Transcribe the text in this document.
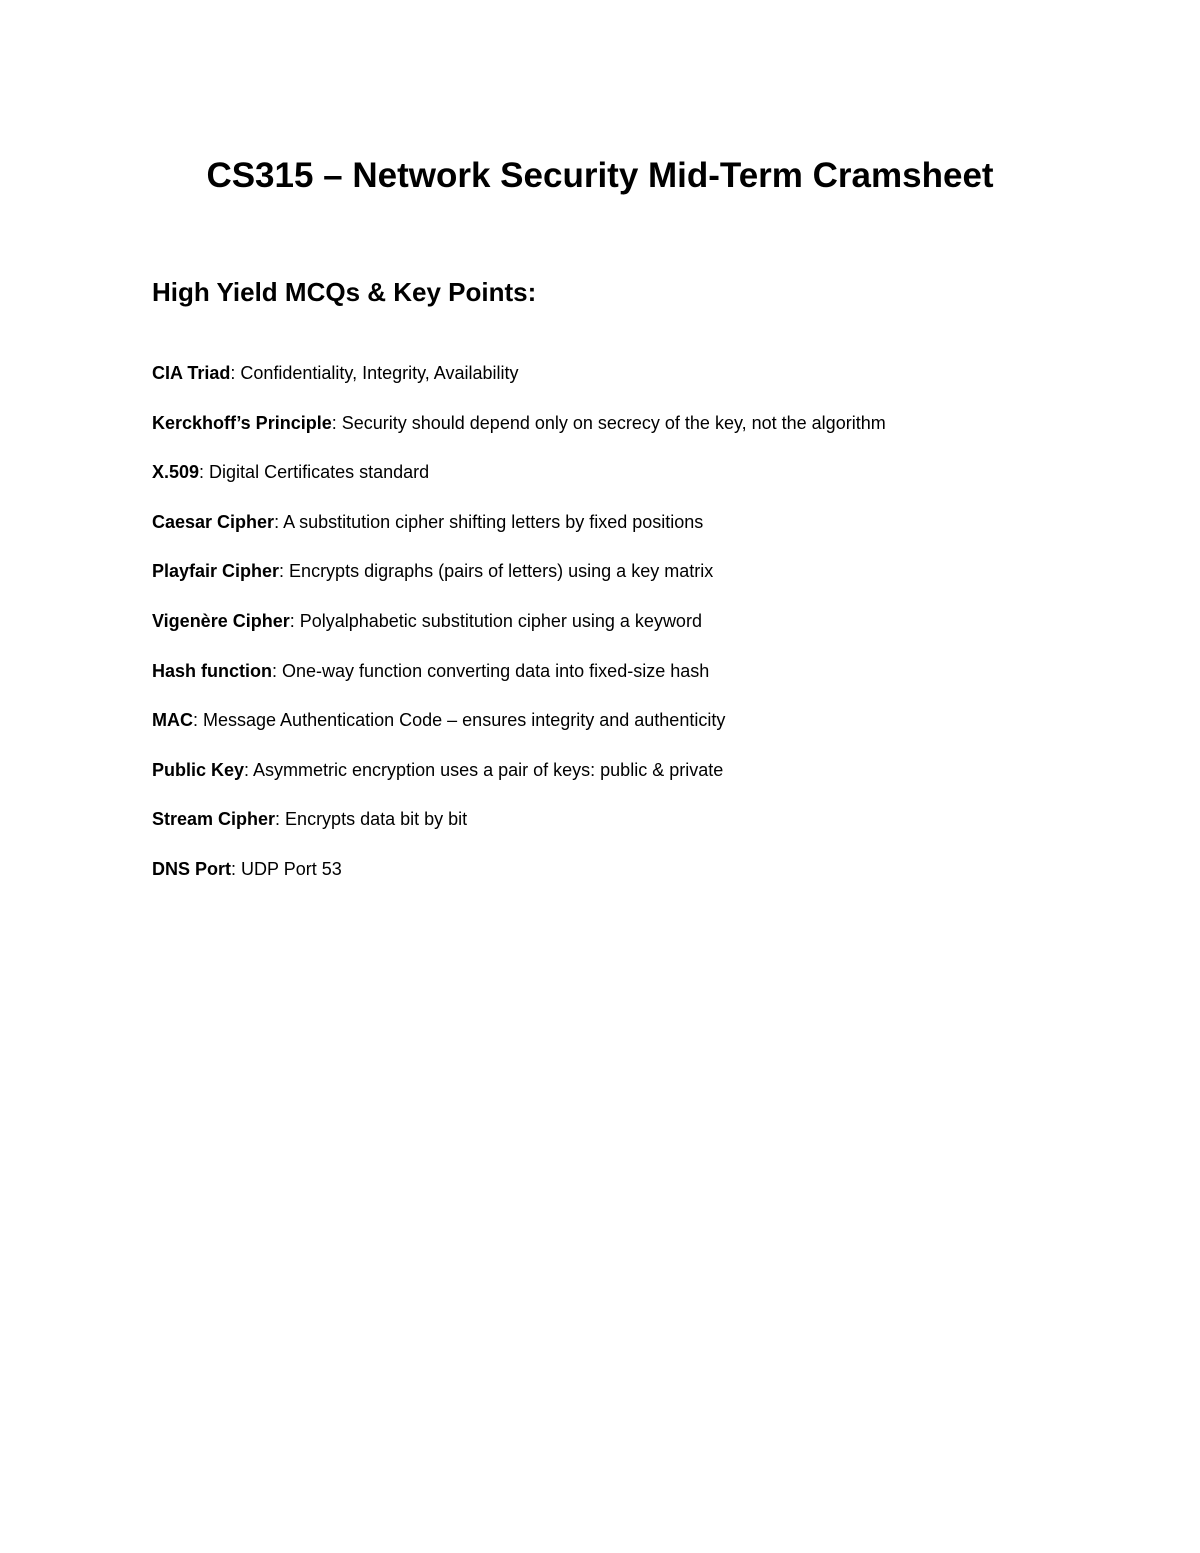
CS315 – Network Security Mid-Term Cramsheet
High Yield MCQs & Key Points:
CIA Triad: Confidentiality, Integrity, Availability
Kerckhoff’s Principle: Security should depend only on secrecy of the key, not the algorithm
X.509: Digital Certificates standard
Caesar Cipher: A substitution cipher shifting letters by fixed positions
Playfair Cipher: Encrypts digraphs (pairs of letters) using a key matrix
Vigenère Cipher: Polyalphabetic substitution cipher using a keyword
Hash function: One-way function converting data into fixed-size hash
MAC: Message Authentication Code – ensures integrity and authenticity
Public Key: Asymmetric encryption uses a pair of keys: public & private
Stream Cipher: Encrypts data bit by bit
DNS Port: UDP Port 53
